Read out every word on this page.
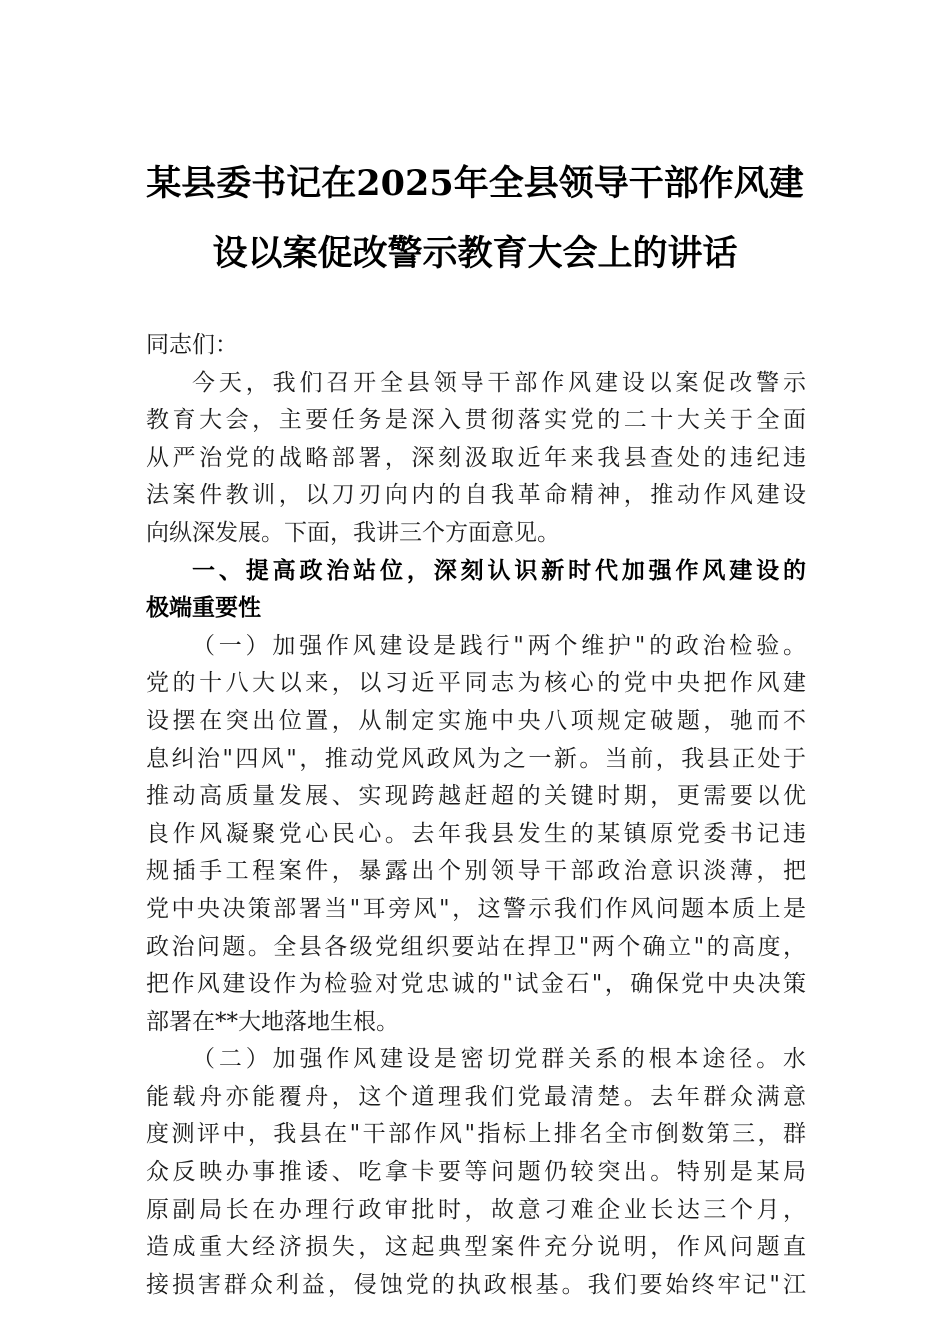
某县委书记在2025年全县领导干部作风建
设以案促改警示教育大会上的讲话
同志们：
今天，我们召开全县领导干部作风建设以案促改警示
教育大会，主要任务是深入贯彻落实党的二十大关于全面
从严治党的战略部署，深刻汲取近年来我县查处的违纪违
法案件教训，以刀刃向内的自我革命精神，推动作风建设
向纵深发展。下面，我讲三个方面意见。
一、提高政治站位，深刻认识新时代加强作风建设的
极端重要性
（一）加强作风建设是践行"两个维护"的政治检验。
党的十八大以来，以习近平同志为核心的党中央把作风建
设摆在突出位置，从制定实施中央八项规定破题，驰而不
息纠治"四风"，推动党风政风为之一新。当前，我县正处于
推动高质量发展、实现跨越赶超的关键时期，更需要以优
良作风凝聚党心民心。去年我县发生的某镇原党委书记违
规插手工程案件，暴露出个别领导干部政治意识淡薄，把
党中央决策部署当"耳旁风"，这警示我们作风问题本质上是
政治问题。全县各级党组织要站在捍卫"两个确立"的高度，
把作风建设作为检验对党忠诚的"试金石"，确保党中央决策
部署在**大地落地生根。
（二）加强作风建设是密切党群关系的根本途径。水
能载舟亦能覆舟，这个道理我们党最清楚。去年群众满意
度测评中，我县在"干部作风"指标上排名全市倒数第三，群
众反映办事推诿、吃拿卡要等问题仍较突出。特别是某局
原副局长在办理行政审批时，故意刁难企业长达三个月，
造成重大经济损失，这起典型案件充分说明，作风问题直
接损害群众利益，侵蚀党的执政根基。我们要始终牢记"江
